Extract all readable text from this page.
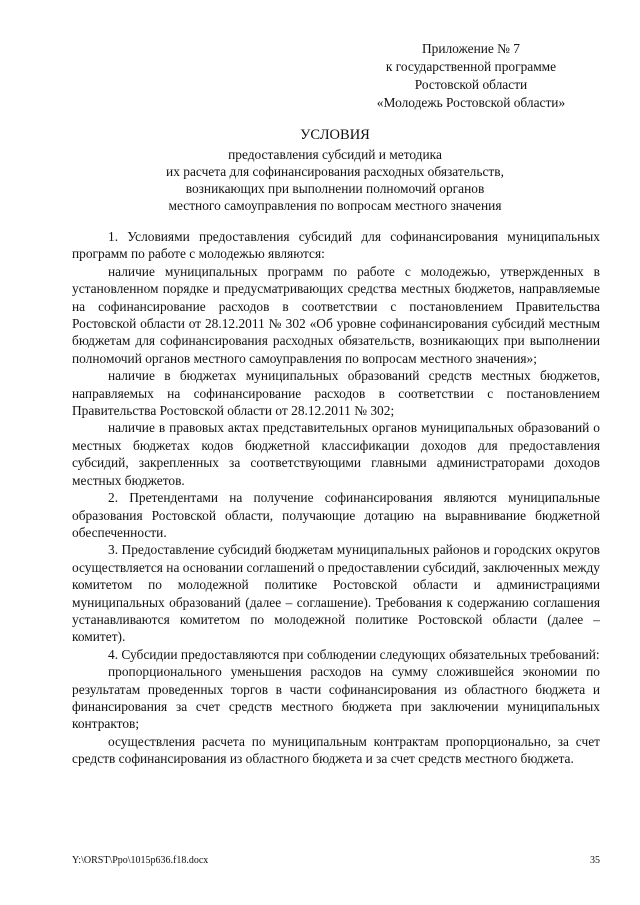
Приложение № 7
к государственной программе
Ростовской области
«Молодежь Ростовской области»
УСЛОВИЯ
предоставления субсидий и методика
их расчета для софинансирования расходных обязательств,
возникающих при выполнении полномочий органов
местного самоуправления по вопросам местного значения

1. Условиями предоставления субсидий для софинансирования муниципальных программ по работе с молодежью являются:

наличие муниципальных программ по работе с молодежью, утвержденных в установленном порядке и предусматривающих средства местных бюджетов, направляемые на софинансирование расходов в соответствии с постановлением Правительства Ростовской области от 28.12.2011 № 302 «Об уровне софинансирования субсидий местным бюджетам для софинансирования расходных обязательств, возникающих при выполнении полномочий органов местного самоуправления по вопросам местного значения»;

наличие в бюджетах муниципальных образований средств местных бюджетов, направляемых на софинансирование расходов в соответствии с постановлением Правительства Ростовской области от 28.12.2011 № 302;

наличие в правовых актах представительных органов муниципальных образований о местных бюджетах кодов бюджетной классификации доходов для предоставления субсидий, закрепленных за соответствующими главными администраторами доходов местных бюджетов.

2. Претендентами на получение софинансирования являются муниципальные образования Ростовской области, получающие дотацию на выравнивание бюджетной обеспеченности.

3. Предоставление субсидий бюджетам муниципальных районов и городских округов осуществляется на основании соглашений о предоставлении субсидий, заключенных между комитетом по молодежной политике Ростовской области и администрациями муниципальных образований (далее – соглашение). Требования к содержанию соглашения устанавливаются комитетом по молодежной политике Ростовской области (далее – комитет).

4. Субсидии предоставляются при соблюдении следующих обязательных требований:

пропорционального уменьшения расходов на сумму сложившейся экономии по результатам проведенных торгов в части софинансирования из областного бюджета и финансирования за счет средств местного бюджета при заключении муниципальных контрактов;

осуществления расчета по муниципальным контрактам пропорционально, за счет средств софинансирования из областного бюджета и за счет средств местного бюджета.

Y:\ORST\Ppo\1015p636.f18.docx	35
